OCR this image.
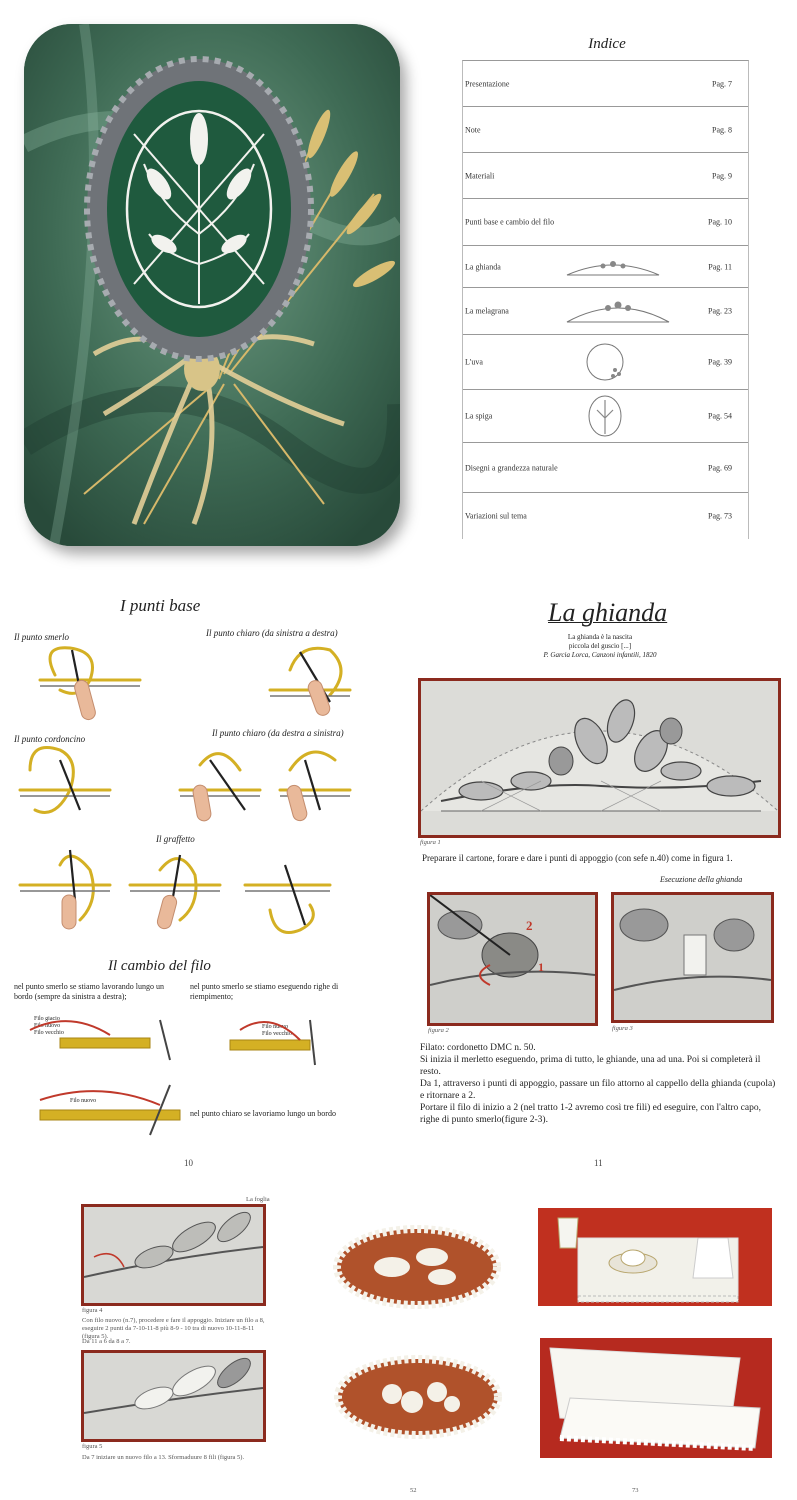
Indice
Presentazione	Pag. 7
Note	Pag. 8
Materiali	Pag. 9
Punti base e cambio del filo	Pag. 10
La ghianda	Pag. 11
La melagrana	Pag. 23
L'uva	Pag. 39
La spiga	Pag. 54
Disegni a grandezza naturale	Pag. 69
Variazioni sul tema	Pag. 73
I punti base
Il punto smerlo	Il punto chiaro (da sinistra a destra)
Il punto cordoncino
Il punto chiaro (da destra a sinistra)
Il graffetto
Il cambio del filo
nel punto smerlo se stiamo lavorando lungo un bordo (sempre da sinistra a destra);
nel punto smerlo se stiamo eseguendo righe di riempimento;
Filo giacio
Filo nuovo
Filo vecchio
Filo nuovo
Filo vecchio
Filo nuovo
nel punto chiaro se lavoriamo lungo un bordo
10
La ghianda
La ghianda è la nascita
piccola del guscio [...]
P. Garcia Lorca, Canzoni infantili, 1820
figura 1
Preparare il cartone, forare e dare i punti di appoggio (con sefe n.40) come in figura 1.
Esecuzione della ghianda
2
1
figura 2	figura 3
Filato: cordonetto DMC n. 50.
Si inizia il merletto eseguendo, prima di tutto, le ghiande, una ad una. Poi si completerà il resto.
Da 1, attraverso i punti di appoggio, passare un filo attorno al cappello della ghianda (cupola) e ritornare a 2.
Portare il filo di inizio a 2 (nel tratto 1-2 avremo così tre fili) ed eseguire, con l'altro capo, righe di punto smerlo(figure 2-3).
11
La foglia
figura 4
Con filo nuovo (n.7), procedere e fare il appoggio. Iniziare un filo a 8, eseguire 2 punti da 7-10-11-8 più 8-9 - 10 tra di nuovo 10-11-8-11 (figura 5).
Da 11 a 6 da 8 a 7.
figura 5
Da 7 iniziare un nuovo filo a 13. Sformaduure 8 fili (figura 5).
52	73
